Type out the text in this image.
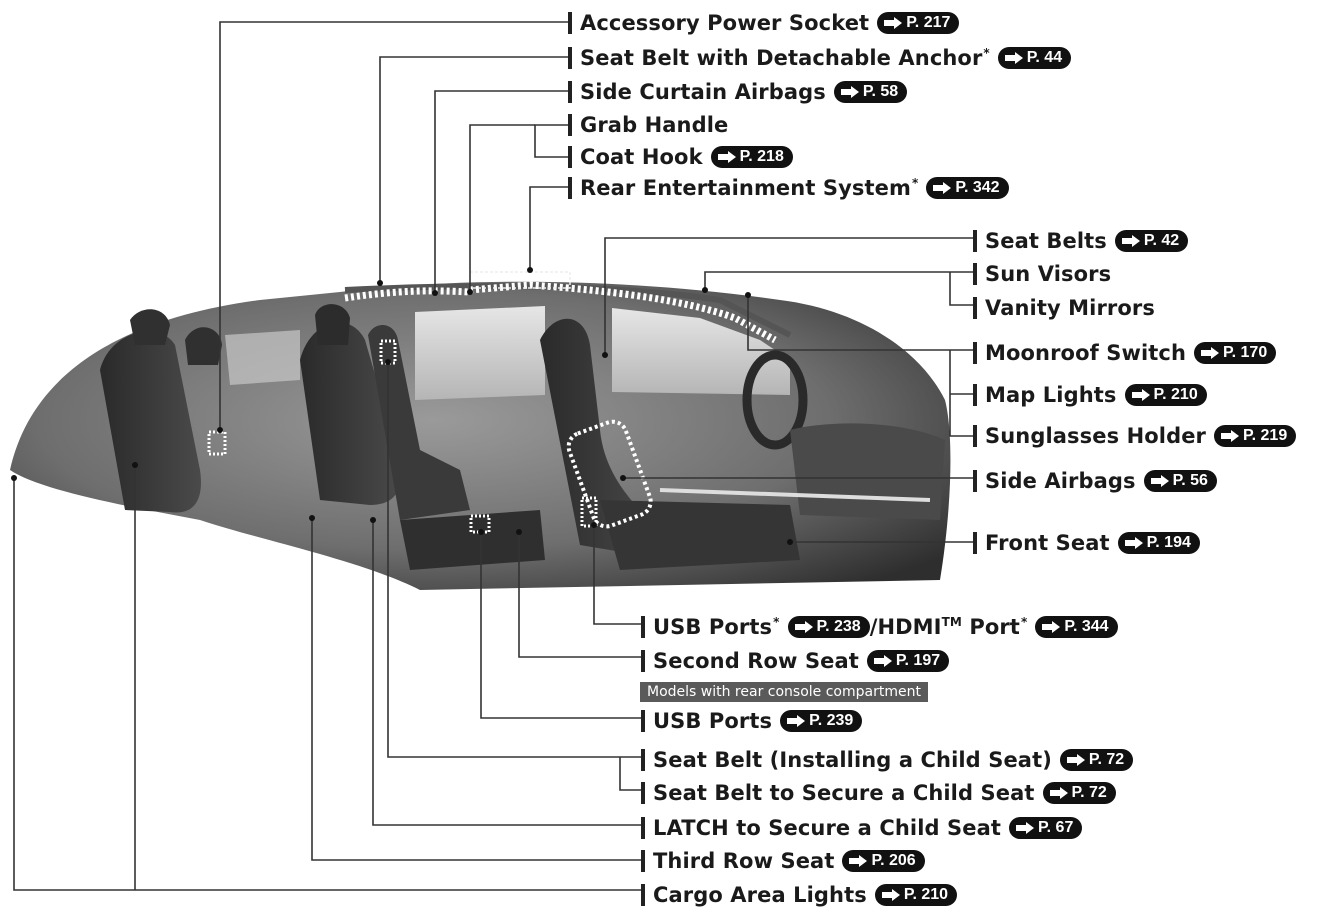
Accessory Power Socket P. 217
Seat Belt with Detachable Anchor* P. 44
Side Curtain Airbags P. 58
Grab Handle
Coat Hook P. 218
Rear Entertainment System* P. 342
Seat Belts P. 42
Sun Visors
Vanity Mirrors
Moonroof Switch P. 170
Map Lights P. 210
Sunglasses Holder P. 219
Side Airbags P. 56
Front Seat P. 194
USB Ports* P. 238 /HDMI™ Port* P. 344
Second Row Seat P. 197
Models with rear console compartment
USB Ports P. 239
Seat Belt (Installing a Child Seat) P. 72
Seat Belt to Secure a Child Seat P. 72
LATCH to Secure a Child Seat P. 67
Third Row Seat P. 206
Cargo Area Lights P. 210
